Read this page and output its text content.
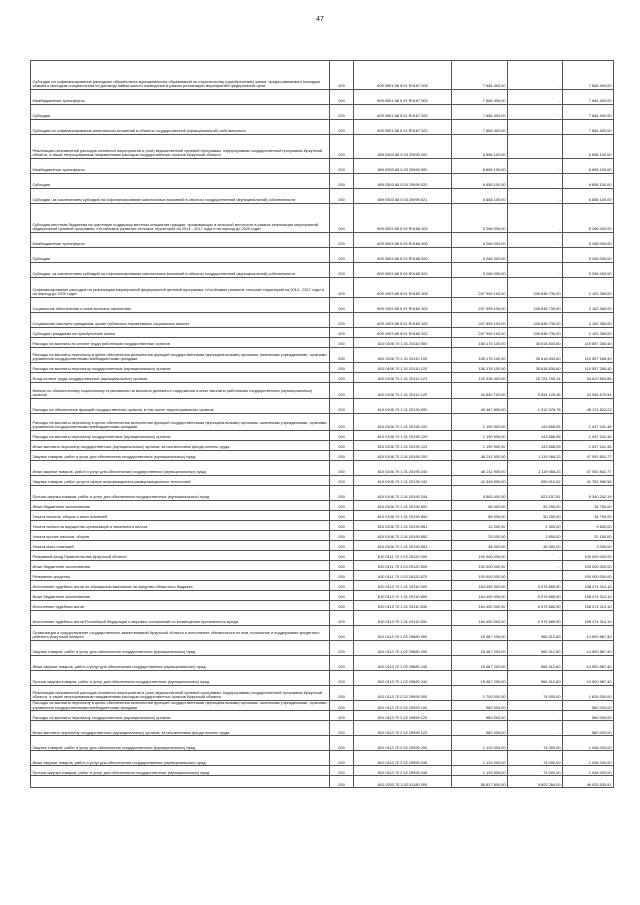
47
Субсидии на софинансирование расходных обязательств муниципальных образований по строительству (приобретению) жилья, предоставляемого молодым семьям и молодым специалистам по договору найма жилого помещения в рамках реализации мероприятий федеральной цели	200	809 0501 68 5 01 R0187 000	7 684 400,00	-	7 684 400,00
Межбюджетные трансферты	200	809 0501 68 5 01 R0187 500	7 684 400,00	-	7 684 400,00
Субсидии	200	809 0501 68 5 01 R0187 520	7 684 400,00	-	7 684 400,00
Субсидии на софинансирование капитальных вложений в объекты государственной (муниципальной) собственности	200	809 0501 68 5 01 R0187 522	7 684 400,00	-	7 684 400,00
Реализация направлений расходов основного мероприятия и (или) ведомственной целевой программы, подпрограммы государственной программы Иркутской области, а также непрограммным направлениям расходов государственных органов Иркутской области	200	809 0503 68 5 03 29999 000	6 858 100,00	-	6 858 100,00
Межбюджетные трансферты	200	809 0503 68 5 03 29999 500	6 858 100,00	-	6 858 100,00
Субсидии	200	809 0503 68 5 03 29999 520	6 858 100,00	-	6 858 100,00
Субсидии, за исключением субсидий на софинансирование капитальных вложений в объекты государственной (муниципальной) собственности	200	809 0503 68 5 03 29999 521	6 858 100,00	-	6 858 100,00
Субсидии местным бюджетам на грантовую поддержку местных инициатив граждан, проживающих в сельской местности в рамках реализации мероприятий федеральной целевой программы «Устойчивое развитие сельских территорий на 2014 - 2017 годы и на период до 2020 года»	200	809 0503 68 5 03 R0188 000	5 266 000,00	-	5 266 000,00
Межбюджетные трансферты	200	809 0503 68 5 03 R0188 500	5 266 000,00	-	5 266 000,00
Субсидии	200	809 0503 68 5 03 R0188 520	5 266 000,00	-	5 266 000,00
Субсидии, за исключением субсидий на софинансирование капитальных вложений в объекты государственной (муниципальной) собственности	200	809 0503 68 5 03 R0188 521	5 266 000,00	-	5 266 000,00
Софинансирование расходов на реализацию мероприятий федеральной целевой программы «Устойчивое развитие сельских территорий на 2014 - 2017 годы и на период до 2020 года»	200	809 1003 68 5 01 R0180 000	247 999 100,00	245 836 735,00	2 162 365,00
Социальное обеспечение и иные выплаты населению	200	809 1003 68 5 01 R0180 300	247 999 100,00	245 836 735,00	2 162 365,00
Социальные выплаты гражданам, кроме публичных нормативных социальных выплат	200	809 1003 68 5 01 R0180 320	247 999 100,00	245 836 735,00	2 162 365,00
Субсидии гражданам на приобретение жилья	200	809 1003 68 5 01 R0180 322	247 999 100,00	245 836 735,00	2 162 365,00
Расходы на выплаты по оплате труда работников государственных органов	200	810 0106 70 1 01 20110 000	155 176 100,00	35 618 834,60	119 557 265,40
Расходы на выплаты персоналу в целях обеспечения выполнения функций государственными (муниципальными) органами, казенными учреждениями, органами управления государственными внебюджетными фондами	200	810 0106 70 1 01 20110 100	155 176 100,00	35 618 834,60	119 557 265,40
Расходы на выплаты персоналу государственных (муниципальных) органов	200	810 0106 70 1 01 20110 120	155 176 100,00	35 618 834,60	119 557 265,40
Фонд оплаты труда государственных (муниципальных) органов	200	810 0106 70 1 01 20110 121	120 335 400,00	25 724 705,14	94 610 694,86
Взносы по обязательному социальному страхованию на выплаты денежного содержания и иные выплаты работникам государственных (муниципальных) органов	200	810 0106 70 1 01 20110 129	34 840 700,00	9 894 129,46	24 946 570,54
Расходы на обеспечение функций государственных органов, в том числе территориальных органов	200	810 0106 70 1 01 20190 000	49 487 800,00	1 312 976,78	48 174 823,22
Расходы на выплаты персоналу в целях обеспечения выполнения функций государственными (муниципальными) органами, казенными учреждениями, органами управления государственными внебюджетными фондами	200	810 0106 70 1 01 20190 100	1 190 900,00	143 658,55	1 047 241,45
Расходы на выплаты персоналу государственных (муниципальных) органов	200	810 0106 70 1 01 20190 120	1 190 900,00	143 658,55	1 047 241,45
Иные выплаты персоналу государственных (муниципальных) органов, за исключением фонда оплаты труда	200	810 0106 70 1 01 20190 122	1 190 900,00	143 658,55	1 047 241,45
Закупка товаров, работ и услуг для обеспечения государственных (муниципальных) нужд	200	810 0106 70 1 01 20190 200	48 211 900,00	1 119 068,23	47 092 831,77
Иные закупки товаров, работ и услуг для обеспечения государственных (муниципальных) нужд	200	810 0106 70 1 01 20190 240	48 211 900,00	1 119 068,23	47 092 831,77
Закупка товаров, работ, услуг в сфере информационно-коммуникационных технологий	200	810 0106 70 1 01 20190 242	42 348 500,00	595 910,42	41 752 589,58
Прочая закупка товаров, работ и услуг для обеспечения государственных (муниципальных) нужд	200	810 0106 70 1 01 20190 244	5 863 400,00	523 157,81	5 340 242,19
Иные бюджетные ассигнования	200	810 0106 70 1 01 20190 800	85 000,00	50 250,00	34 750,00
Уплата налогов, сборов и иных платежей	200	810 0106 70 1 01 20190 850	85 000,00	50 250,00	34 750,00
Уплата налога на имущество организаций и земельного налога	200	810 0106 70 1 01 20190 851	12 000,00	2 400,00	9 600,00
Уплата прочих налогов, сборов	200	810 0106 70 1 01 20190 852	25 000,00	2 850,00	22 150,00
Уплата иных платежей	200	810 0106 70 1 01 20190 853	48 000,00	45 000,00	3 000,00
Резервный фонд Правительства Иркутской области	200	810 0111 70 1 03 29120 000	100 000 000,00	-	100 000 000,00
Иные бюджетные ассигнования	200	810 0111 70 1 03 29120 800	100 000 000,00	-	100 000 000,00
Резервные средства	200	810 0111 70 1 03 29120 870	100 000 000,00	-	100 000 000,00
Исполнение судебных актов по обращению взыскания на средства областного бюджета	200	810 0113 70 1 01 29110 000	164 450 000,00	5 975 685,90	158 474 314,10
Иные бюджетные ассигнования	200	810 0113 70 1 01 29110 800	164 450 000,00	5 975 685,90	158 474 314,10
Исполнение судебных актов	200	810 0113 70 1 01 29110 830	164 450 000,00	5 975 685,90	158 474 314,10
Исполнение судебных актов Российской Федерации и мировых соглашений по возмещению причиненного вреда	200	810 0113 70 1 01 29110 831	164 450 000,00	5 975 685,90	158 474 314,10
Организация и осуществление государственных заимствований Иркутской области и исполнение обязательств по ним, погашение и поддержание кредитного рейтинга Иркутской области	200	810 0113 70 1 02 29680 000	15 467 200,00	966 312,60	14 500 887,40
Закупка товаров, работ и услуг для обеспечения государственных (муниципальных) нужд	200	810 0113 70 1 02 29680 200	15 467 200,00	966 312,60	14 500 887,40
Иные закупки товаров, работ и услуг для обеспечения государственных (муниципальных) нужд	200	810 0113 70 1 02 29680 240	15 467 200,00	966 312,60	14 500 887,40
Прочая закупка товаров, работ и услуг для обеспечения государственных (муниципальных) нужд	200	810 0113 70 1 02 29680 244	15 467 200,00	966 312,60	14 500 887,40
Реализация направлений расходов основного мероприятия и (или) ведомственной целевой программы, подпрограммы государственной программы Иркутской области, а также непрограммным направлениям расходов государственных органов Иркутской области	200	810 0113 70 2 02 29999 000	1 700 000,00	74 000,00	1 626 000,00
Расходы на выплаты персоналу в целях обеспечения выполнения функций государственными (муниципальными) органами, казенными учреждениями, органами управления государственными внебюджетными фондами	200	810 0113 70 2 02 29999 100	580 000,00	-	580 000,00
Расходы на выплаты персоналу государственных (муниципальных) органов	200	810 0113 70 2 02 29999 120	580 000,00	-	580 000,00
Иные выплаты персоналу государственных (муниципальных) органов, за исключением фонда оплаты труда	200	810 0113 70 2 02 29999 122	580 000,00	-	580 000,00
Закупка товаров, работ и услуг для обеспечения государственных (муниципальных) нужд	200	810 0113 70 2 02 29999 200	1 120 000,00	74 000,00	1 046 000,00
Иные закупки товаров, работ и услуг для обеспечения государственных (муниципальных) нужд	200	810 0113 70 2 02 29999 240	1 120 000,00	74 000,00	1 046 000,00
Прочая закупка товаров, работ и услуг для обеспечения государственных (муниципальных) нужд	200	810 0113 70 2 02 29999 244	1 120 000,00	74 000,00	1 046 000,00
	200	810 0203 70 3 02 51180 000	55 627 800,00	9 602 264,09	46 025 535,91
